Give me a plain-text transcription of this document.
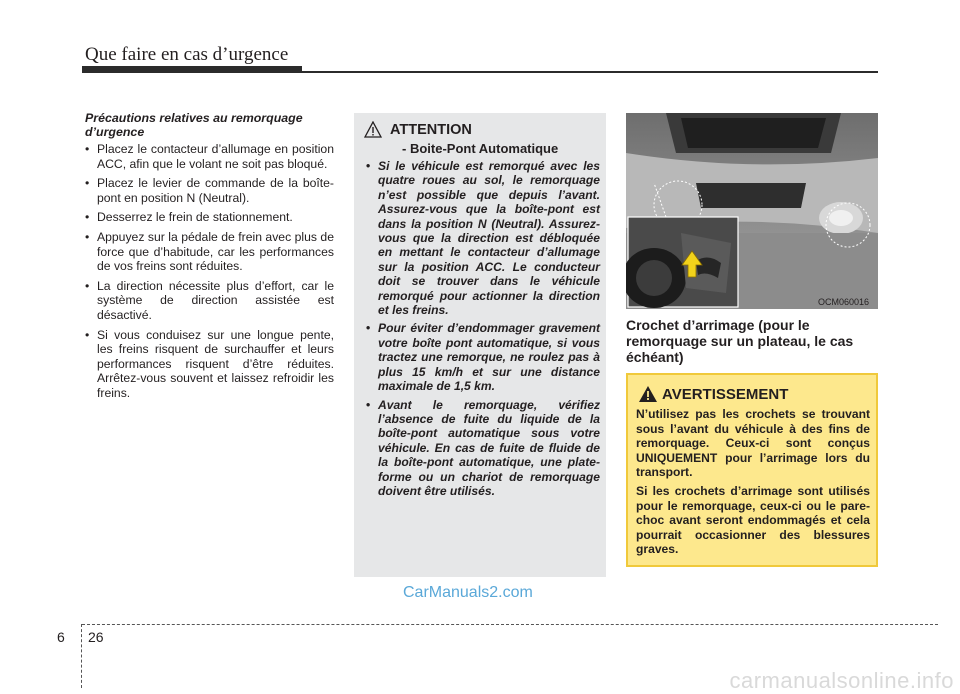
Que faire en cas d’urgence
Précautions relatives au remorquage d’urgence
• Placez le contacteur d’allumage en position ACC, afin que le volant ne soit pas bloqué.
• Placez le levier de commande de la boîte-pont en position N (Neutral).
• Desserrez le frein de stationnement.
• Appuyez sur la pédale de frein avec plus de force que d’habitude, car les performances de vos freins sont réduites.
• La direction nécessite plus d’effort, car le système de direction assistée est désactivé.
• Si vous conduisez sur une longue pente, les freins risquent de surchauffer et leurs performances risquent d’être réduites. Arrêtez-vous souvent et laissez refroidir les freins.
ATTENTION
- Boite-Pont Automatique
• Si le véhicule est remorqué avec les quatre roues au sol, le remorquage n’est possible que depuis l’avant. Assurez-vous que la boîte-pont est dans la position N (Neutral). Assurez-vous que la direction est débloquée en mettant le contacteur d’allumage sur la position ACC. Le conducteur doit se trouver dans le véhicule remorqué pour actionner la direction et les freins.
• Pour éviter d’endommager gravement votre boîte pont automatique, si vous tractez une remorque, ne roulez pas à plus 15 km/h et sur une distance maximale de 1,5 km.
• Avant le remorquage, vérifiez l’absence de fuite du liquide de la boîte-pont automatique sous votre véhicule. En cas de fuite de fluide de la boîte-pont automatique, une plate-forme ou un chariot de remorquage doivent être utilisés.
OCM060016
Crochet d’arrimage (pour le remorquage sur un plateau, le cas échéant)
AVERTISSEMENT

N’utilisez pas les crochets se trouvant sous l’avant du véhicule à des fins de remorquage. Ceux-ci sont conçus UNIQUEMENT pour l’arrimage lors du transport.

Si les crochets d’arrimage sont utilisés pour le remorquage, ceux-ci ou le pare-choc avant seront endommagés et cela pourrait occasionner des blessures graves.

CarManuals2.com
6 26
carmanualsonline.info
